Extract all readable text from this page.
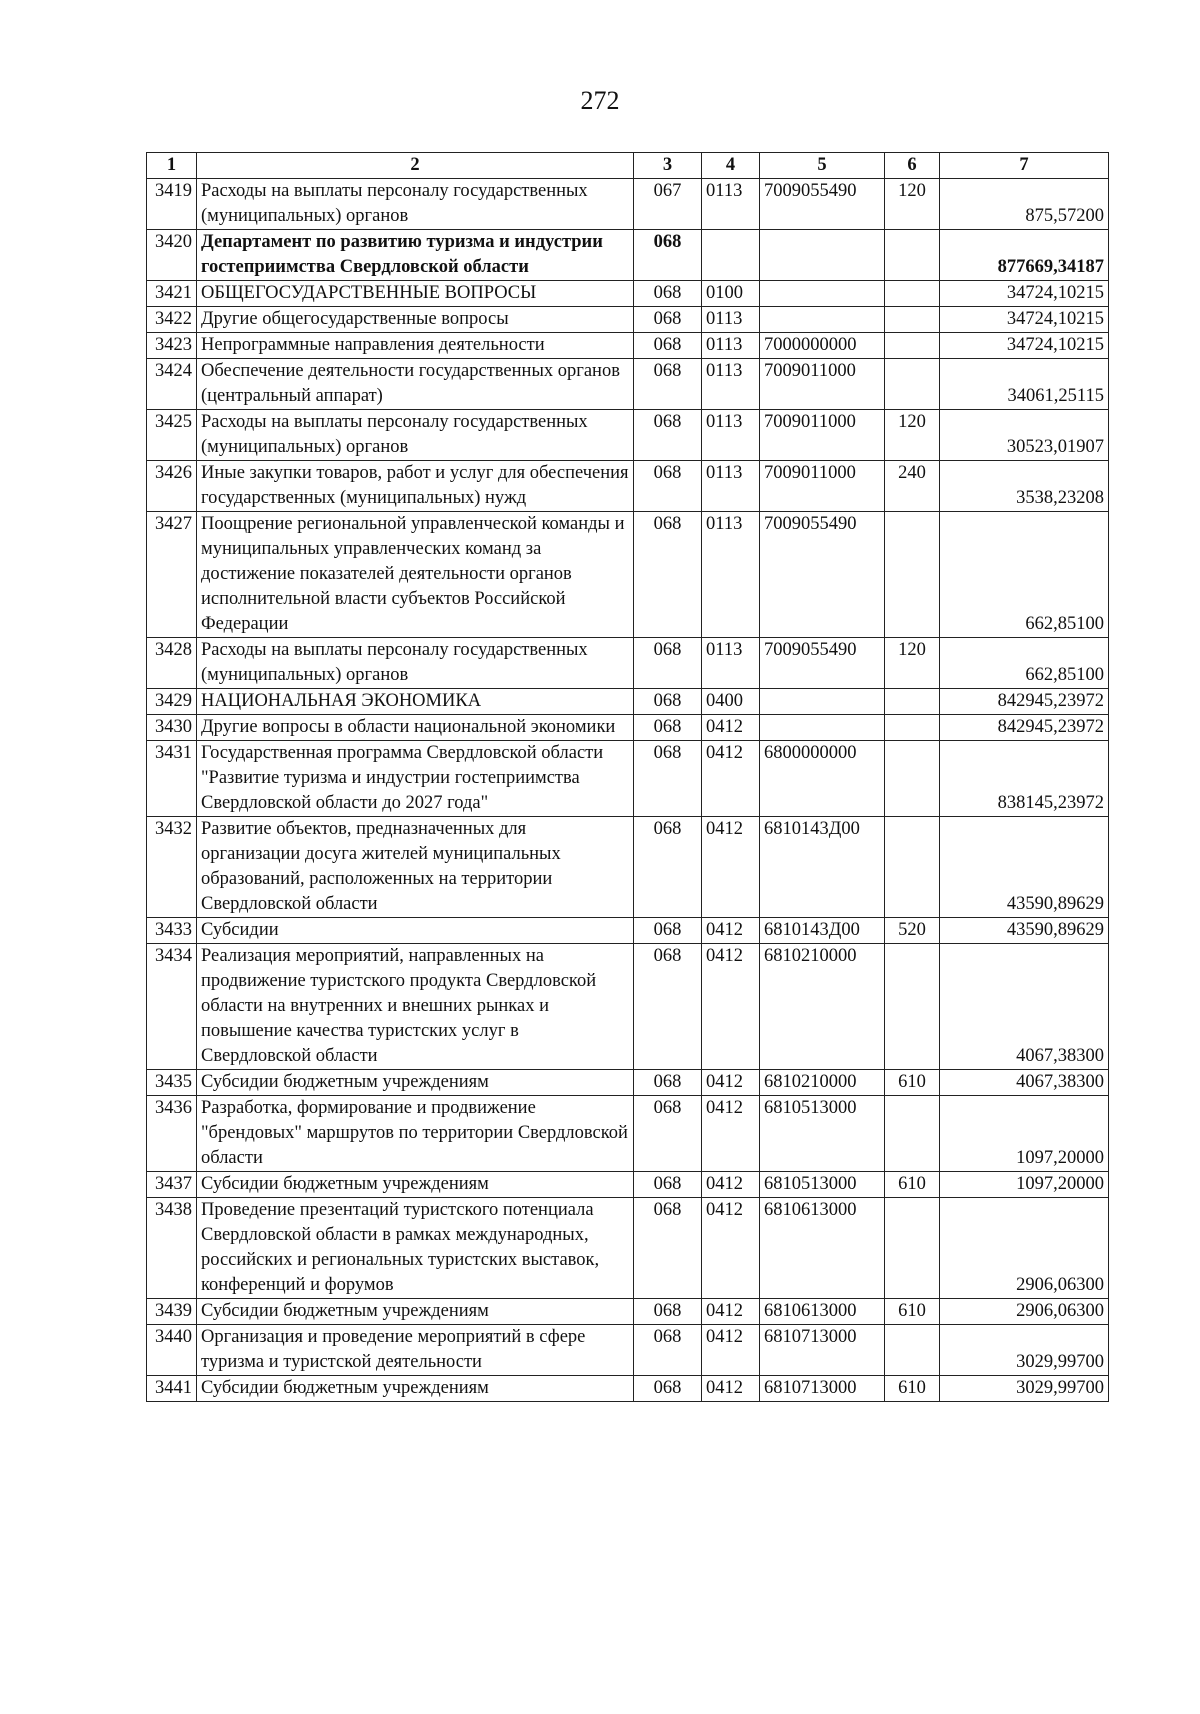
272
1	2	3	4	5	6	7
3419	Расходы на выплаты персоналу государственных (муниципальных) органов	067	0113	7009055490	120	875,57200
3420	Департамент по развитию туризма и индустрии гостеприимства Свердловской области	068				877669,34187
3421	ОБЩЕГОСУДАРСТВЕННЫЕ ВОПРОСЫ	068	0100			34724,10215
3422	Другие общегосударственные вопросы	068	0113			34724,10215
3423	Непрограммные направления деятельности	068	0113	7000000000		34724,10215
3424	Обеспечение деятельности государственных органов (центральный аппарат)	068	0113	7009011000		34061,25115
3425	Расходы на выплаты персоналу государственных (муниципальных) органов	068	0113	7009011000	120	30523,01907
3426	Иные закупки товаров, работ и услуг для обеспечения государственных (муниципальных) нужд	068	0113	7009011000	240	3538,23208
3427	Поощрение региональной управленческой команды и муниципальных управленческих команд за достижение показателей деятельности органов исполнительной власти субъектов Российской Федерации	068	0113	7009055490		662,85100
3428	Расходы на выплаты персоналу государственных (муниципальных) органов	068	0113	7009055490	120	662,85100
3429	НАЦИОНАЛЬНАЯ ЭКОНОМИКА	068	0400			842945,23972
3430	Другие вопросы в области национальной экономики	068	0412			842945,23972
3431	Государственная программа Свердловской области "Развитие туризма и индустрии гостеприимства Свердловской области до 2027 года"	068	0412	6800000000		838145,23972
3432	Развитие объектов, предназначенных для организации досуга жителей муниципальных образований, расположенных на территории Свердловской области	068	0412	6810143Д00		43590,89629
3433	Субсидии	068	0412	6810143Д00	520	43590,89629
3434	Реализация мероприятий, направленных на продвижение туристского продукта Свердловской области на внутренних и внешних рынках и повышение качества туристских услуг в Свердловской области	068	0412	6810210000		4067,38300
3435	Субсидии бюджетным учреждениям	068	0412	6810210000	610	4067,38300
3436	Разработка, формирование и продвижение "брендовых" маршрутов по территории Свердловской области	068	0412	6810513000		1097,20000
3437	Субсидии бюджетным учреждениям	068	0412	6810513000	610	1097,20000
3438	Проведение презентаций туристского потенциала Свердловской области в рамках международных, российских и региональных туристских выставок, конференций и форумов	068	0412	6810613000		2906,06300
3439	Субсидии бюджетным учреждениям	068	0412	6810613000	610	2906,06300
3440	Организация и проведение мероприятий в сфере туризма и туристской деятельности	068	0412	6810713000		3029,99700
3441	Субсидии бюджетным учреждениям	068	0412	6810713000	610	3029,99700
